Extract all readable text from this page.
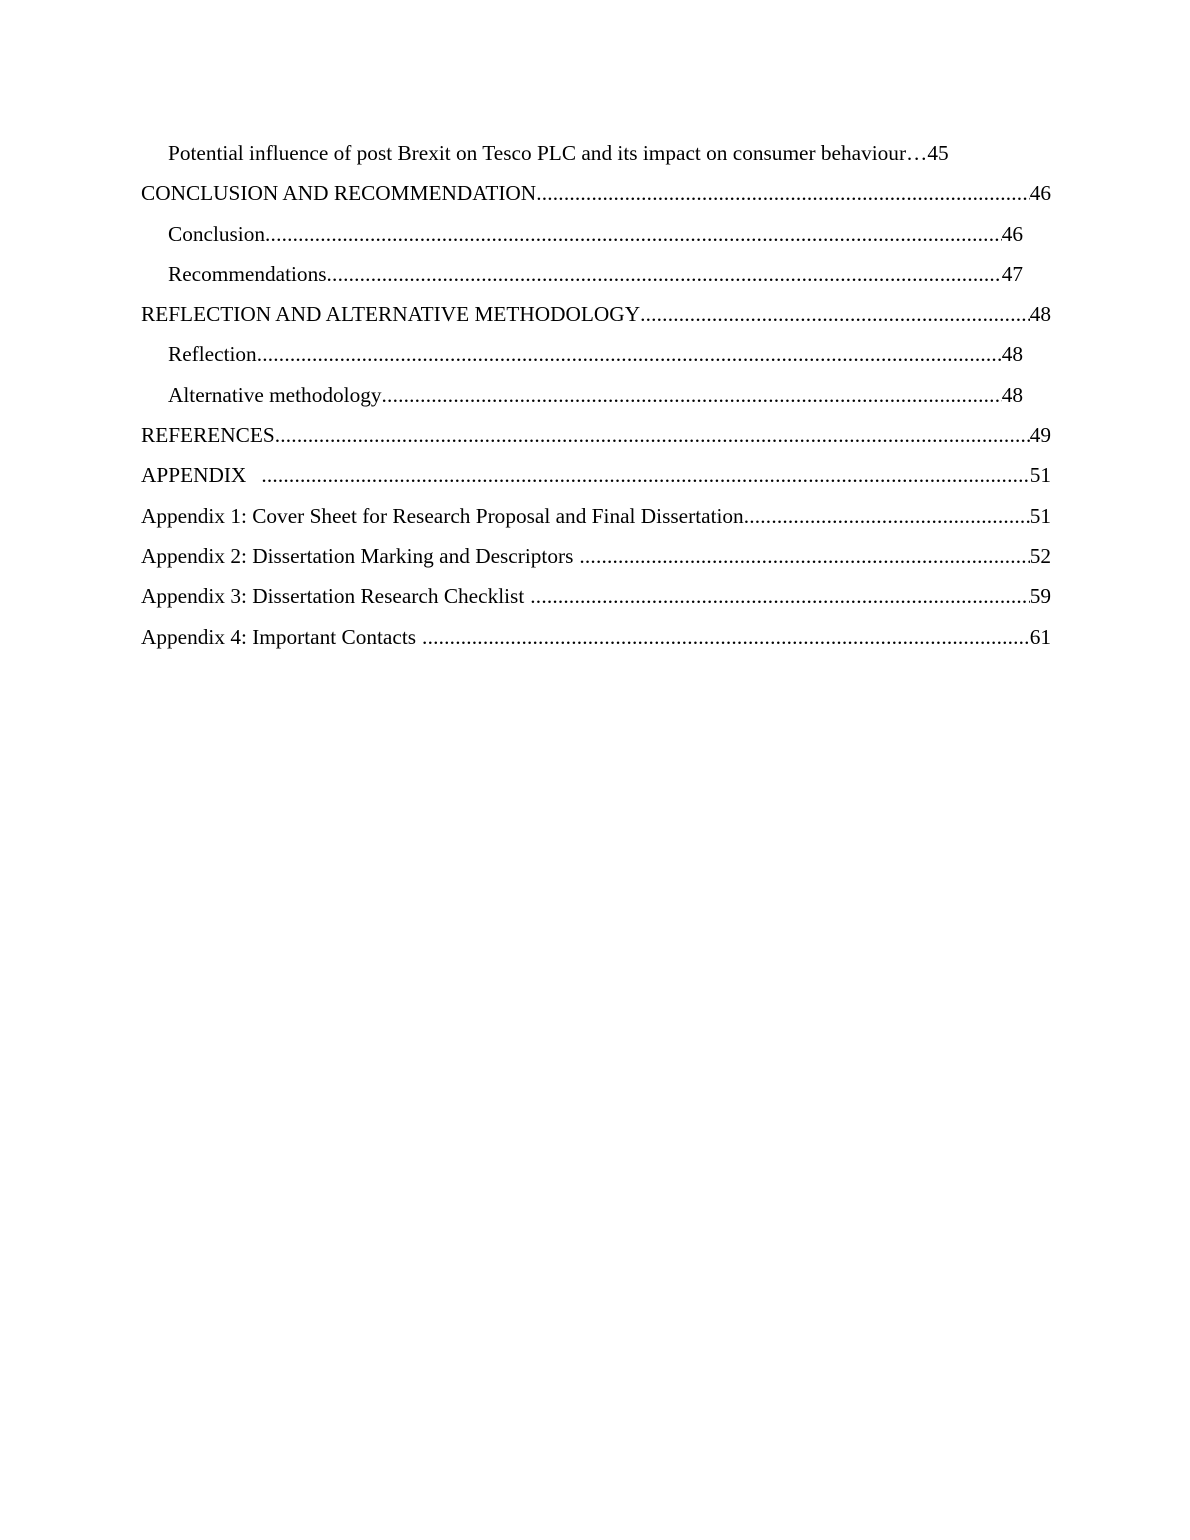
Potential influence of post Brexit on Tesco PLC and its impact on consumer behaviour … 45
CONCLUSION AND RECOMMENDATION .....	46
Conclusion .....	46
Recommendations .....	47
REFLECTION AND ALTERNATIVE METHODOLOGY .....	48
Reflection .....	48
Alternative methodology .....	48
REFERENCES .....	49
APPENDIX .....	51
Appendix 1: Cover Sheet for Research Proposal and Final Dissertation .....	51
Appendix 2: Dissertation Marking and Descriptors .....	52
Appendix 3: Dissertation Research Checklist .....	59
Appendix 4: Important Contacts .....	61
